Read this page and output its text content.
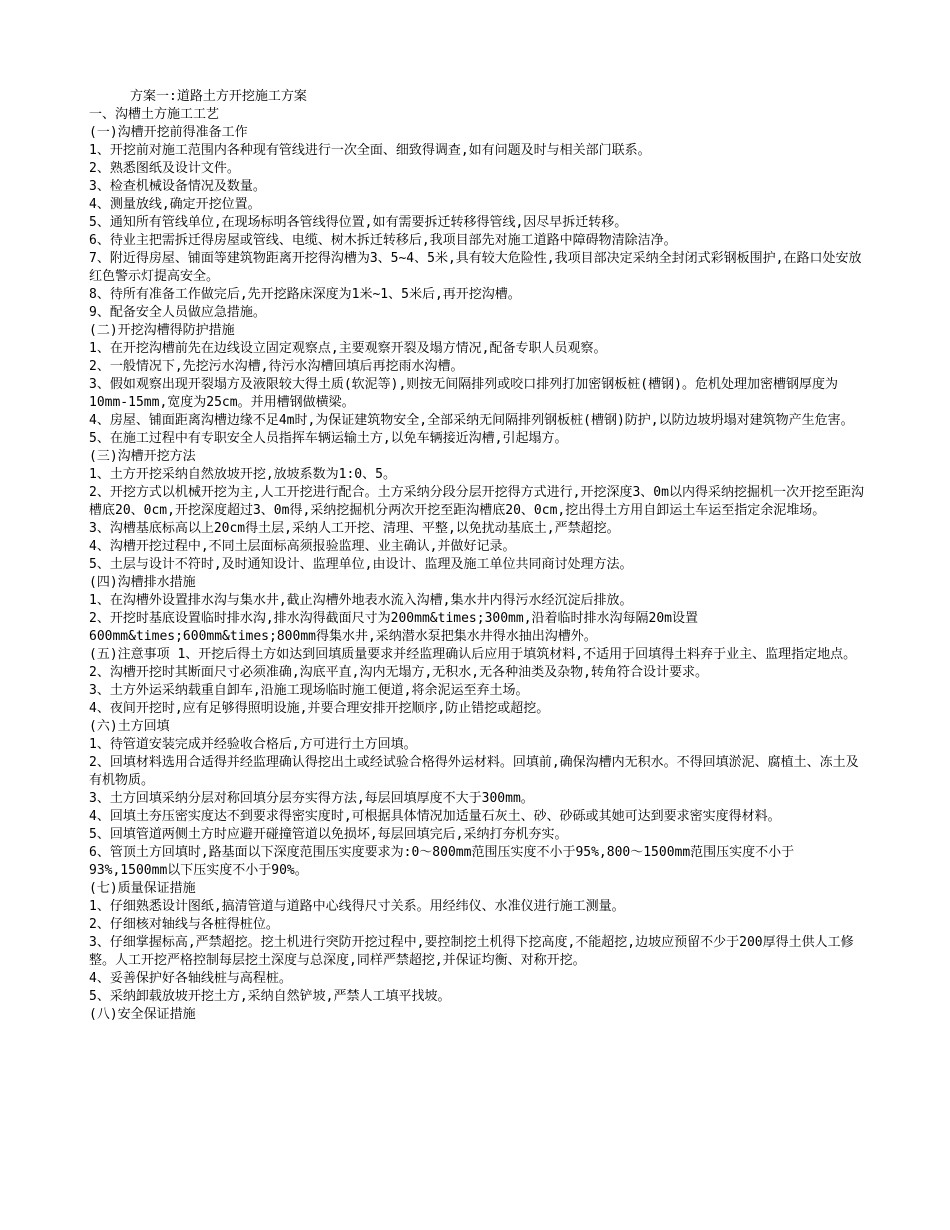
方案一:道路土方开挖施工方案

一、沟槽土方施工工艺

(一)沟槽开挖前得准备工作

1、开挖前对施工范围内各种现有管线进行一次全面、细致得调查,如有问题及时与相关部门联系。

2、熟悉图纸及设计文件。

3、检查机械设备情况及数量。

4、测量放线,确定开挖位置。

5、通知所有管线单位,在现场标明各管线得位置,如有需要拆迁转移得管线,因尽早拆迁转移。

6、待业主把需拆迁得房屋或管线、电缆、树木拆迁转移后,我项目部先对施工道路中障碍物清除洁净。

7、附近得房屋、铺面等建筑物距离开挖得沟槽为3、5~4、5米,具有较大危险性,我项目部决定采纳全封闭式彩钢板围护,在路口处安放红色警示灯提高安全。

8、待所有准备工作做完后,先开挖路床深度为1米~1、5米后,再开挖沟槽。

9、配备安全人员做应急措施。

(二)开挖沟槽得防护措施

1、在开挖沟槽前先在边线设立固定观察点,主要观察开裂及塌方情况,配备专职人员观察。

2、一般情况下,先挖污水沟槽,待污水沟槽回填后再挖雨水沟槽。

3、假如观察出现开裂塌方及液限较大得土质(软泥等),则按无间隔排列或咬口排列打加密钢板桩(槽钢)。危机处理加密槽钢厚度为10mm-15mm,宽度为25cm。并用槽钢做横梁。

4、房屋、铺面距离沟槽边缘不足4m时,为保证建筑物安全,全部采纳无间隔排列钢板桩(槽钢)防护,以防边坡坍塌对建筑物产生危害。

5、在施工过程中有专职安全人员指挥车辆运输土方,以免车辆接近沟槽,引起塌方。

(三)沟槽开挖方法

1、土方开挖采纳自然放坡开挖,放坡系数为1:0、5。

2、开挖方式以机械开挖为主,人工开挖进行配合。土方采纳分段分层开挖得方式进行,开挖深度3、0m以内得采纳挖掘机一次开挖至距沟槽底20、0cm,开挖深度超过3、0m得,采纳挖掘机分两次开挖至距沟槽底20、0cm,挖出得土方用自卸运土车运至指定余泥堆场。

3、沟槽基底标高以上20cm得土层,采纳人工开挖、清理、平整,以免扰动基底土,严禁超挖。

4、沟槽开挖过程中,不同土层面标高须报验监理、业主确认,并做好记录。

5、土层与设计不符时,及时通知设计、监理单位,由设计、监理及施工单位共同商讨处理方法。

(四)沟槽排水措施

1、在沟槽外设置排水沟与集水井,截止沟槽外地表水流入沟槽,集水井内得污水经沉淀后排放。

2、开挖时基底设置临时排水沟,排水沟得截面尺寸为200mm&times;300mm,沿着临时排水沟每隔20m设置600mm&times;600mm&times;800mm得集水井,采纳潜水泵把集水井得水抽出沟槽外。

(五)注意事项 1、开挖后得土方如达到回填质量要求并经监理确认后应用于填筑材料,不适用于回填得土料弃于业主、监理指定地点。

2、沟槽开挖时其断面尺寸必须准确,沟底平直,沟内无塌方,无积水,无各种油类及杂物,转角符合设计要求。

3、土方外运采纳载重自卸车,沿施工现场临时施工便道,将余泥运至弃土场。

4、夜间开挖时,应有足够得照明设施,并要合理安排开挖顺序,防止错挖或超挖。

(六)土方回填

1、待管道安装完成并经验收合格后,方可进行土方回填。

2、回填材料选用合适得并经监理确认得挖出土或经试验合格得外运材料。回填前,确保沟槽内无积水。不得回填淤泥、腐植土、冻土及有机物质。

3、土方回填采纳分层对称回填分层夯实得方法,每层回填厚度不大于300mm。

4、回填土夯压密实度达不到要求得密实度时,可根据具体情况加适量石灰土、砂、砂砾或其她可达到要求密实度得材料。

5、回填管道两侧土方时应避开碰撞管道以免损坏,每层回填完后,采纳打夯机夯实。

6、管顶土方回填时,路基面以下深度范围压实度要求为:0～800mm范围压实度不小于95%,800～1500mm范围压实度不小于93%,1500mm以下压实度不小于90%。

(七)质量保证措施

1、仔细熟悉设计图纸,搞清管道与道路中心线得尺寸关系。用经纬仪、水准仪进行施工测量。

2、仔细核对轴线与各桩得桩位。

3、仔细掌握标高,严禁超挖。挖土机进行突防开挖过程中,要控制挖土机得下挖高度,不能超挖,边坡应预留不少于200厚得土供人工修整。人工开挖严格控制每层挖土深度与总深度,同样严禁超挖,并保证均衡、对称开挖。

4、妥善保护好各轴线桩与高程桩。

5、采纳卸载放坡开挖土方,采纳自然铲坡,严禁人工填平找坡。

(八)安全保证措施
